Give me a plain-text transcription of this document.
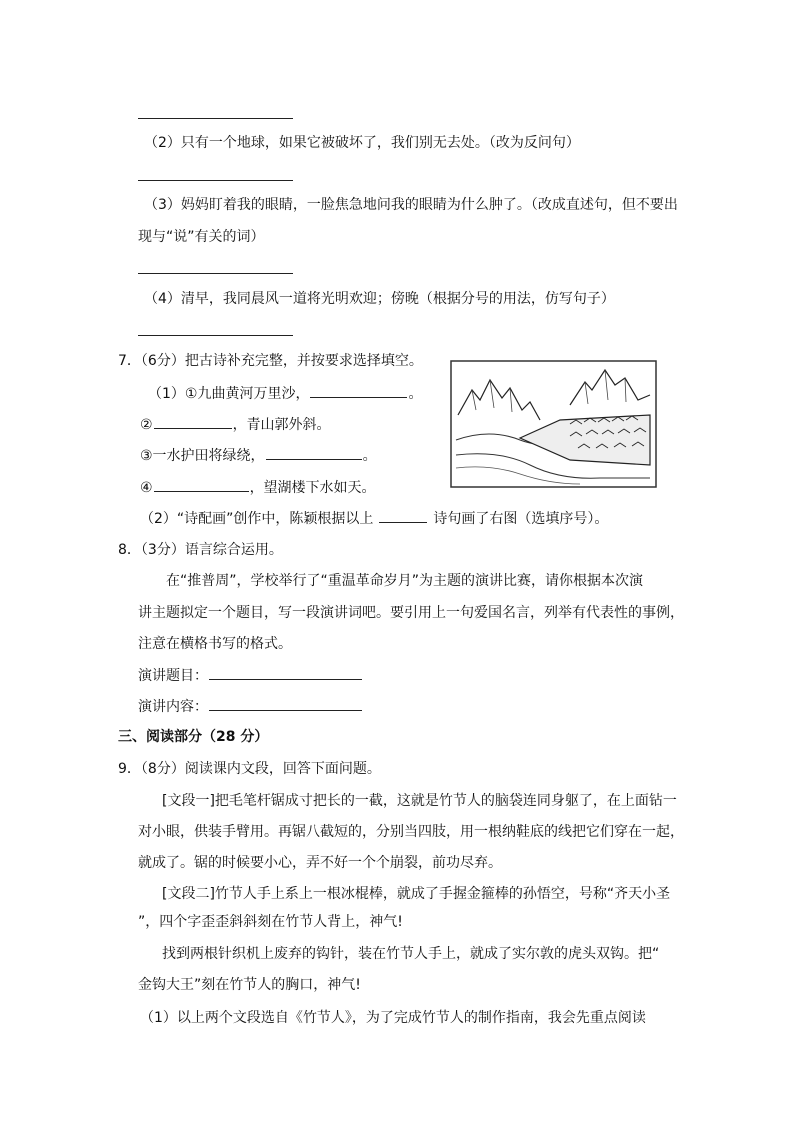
（2）只有一个地球，如果它被破坏了，我们别无去处。（改为反问句）
（3）妈妈盯着我的眼睛，一脸焦急地问我的眼睛为什么肿了。（改成直述句，但不要出
现与“说”有关的词）
（4）清早，我同晨风一道将光明欢迎；傍晚（根据分号的用法，仿写句子）
7．（6分）把古诗补充完整，并按要求选择填空。
（1）①九曲黄河万里沙，	。
②	，青山郭外斜。
③一水护田将绿绕，	。
④	，望湖楼下水如天。
（2）“诗配画”创作中，陈颖根据以上	诗句画了右图（选填序号）。
8．（3分）语言综合运用。
在“推普周”，学校举行了“重温革命岁月”为主题的演讲比赛，请你根据本次演
讲主题拟定一个题目，写一段演讲词吧。要引用上一句爱国名言，列举有代表性的事例，
注意在横格书写的格式。
演讲题目：
演讲内容：
三、阅读部分（28 分）
9．（8分）阅读课内文段，回答下面问题。
[文段一]把毛笔杆锯成寸把长的一截，这就是竹节人的脑袋连同身躯了，在上面钻一
对小眼，供装手臂用。再锯八截短的，分别当四肢，用一根纳鞋底的线把它们穿在一起，
就成了。锯的时候要小心，弄不好一个个崩裂，前功尽弃。
[文段二]竹节人手上系上一根冰棍棒，就成了手握金箍棒的孙悟空，号称“齐天小圣
”，四个字歪歪斜斜刻在竹节人背上，神气!
找到两根针织机上废弃的钩针，装在竹节人手上，就成了实尔敦的虎头双钩。把“
金钩大王”刻在竹节人的胸口，神气!
（1）以上两个文段选自《竹节人》，为了完成竹节人的制作指南，我会先重点阅读
